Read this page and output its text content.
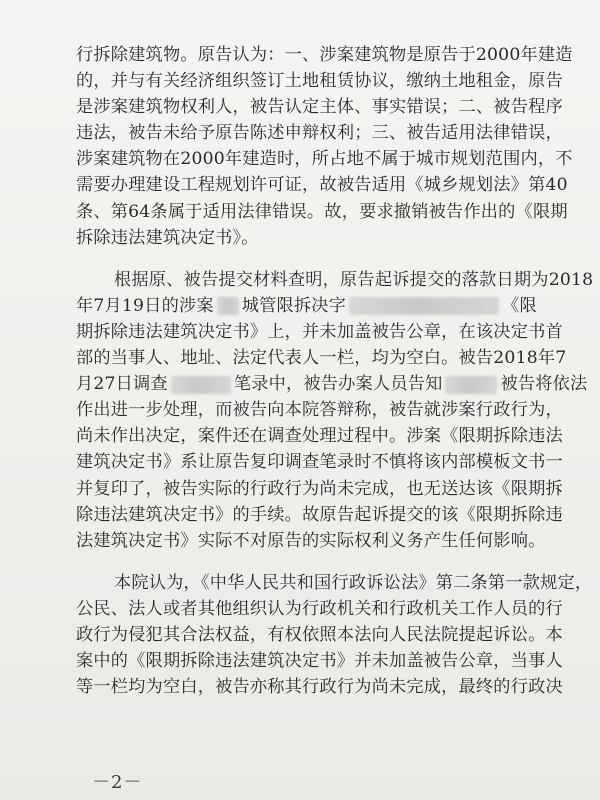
行拆除建筑物。原告认为：一、涉案建筑物是原告于2000年建造
的，并与有关经济组织签订土地租赁协议，缴纳土地租金，原告
是涉案建筑物权利人，被告认定主体、事实错误；二、被告程序
违法，被告未给予原告陈述申辩权利；三、被告适用法律错误，
涉案建筑物在2000年建造时，所占地不属于城市规划范围内，不
需要办理建设工程规划许可证，故被告适用《城乡规划法》第40
条、第64条属于适用法律错误。故，要求撤销被告作出的《限期
拆除违法建筑决定书》。
根据原、被告提交材料查明，原告起诉提交的落款日期为2018
年7月19日的涉案 城管限拆决字	《限
期拆除违法建筑决定书》上，并未加盖被告公章，在该决定书首
部的当事人、地址、法定代表人一栏，均为空白。被告2018年7
月27日调查	笔录中，被告办案人员告知	被告将依法
作出进一步处理，而被告向本院答辩称，被告就涉案行政行为，
尚未作出决定，案件还在调查处理过程中。涉案《限期拆除违法
建筑决定书》系让原告复印调查笔录时不慎将该内部模板文书一
并复印了，被告实际的行政行为尚未完成，也无送达该《限期拆
除违法建筑决定书》的手续。故原告起诉提交的该《限期拆除违
法建筑决定书》实际不对原告的实际权利义务产生任何影响。
本院认为，《中华人民共和国行政诉讼法》第二条第一款规定，
公民、法人或者其他组织认为行政机关和行政机关工作人员的行
政行为侵犯其合法权益，有权依照本法向人民法院提起诉讼。本
案中的《限期拆除违法建筑决定书》并未加盖被告公章，当事人
等一栏均为空白，被告亦称其行政行为尚未完成，最终的行政决
－2－
